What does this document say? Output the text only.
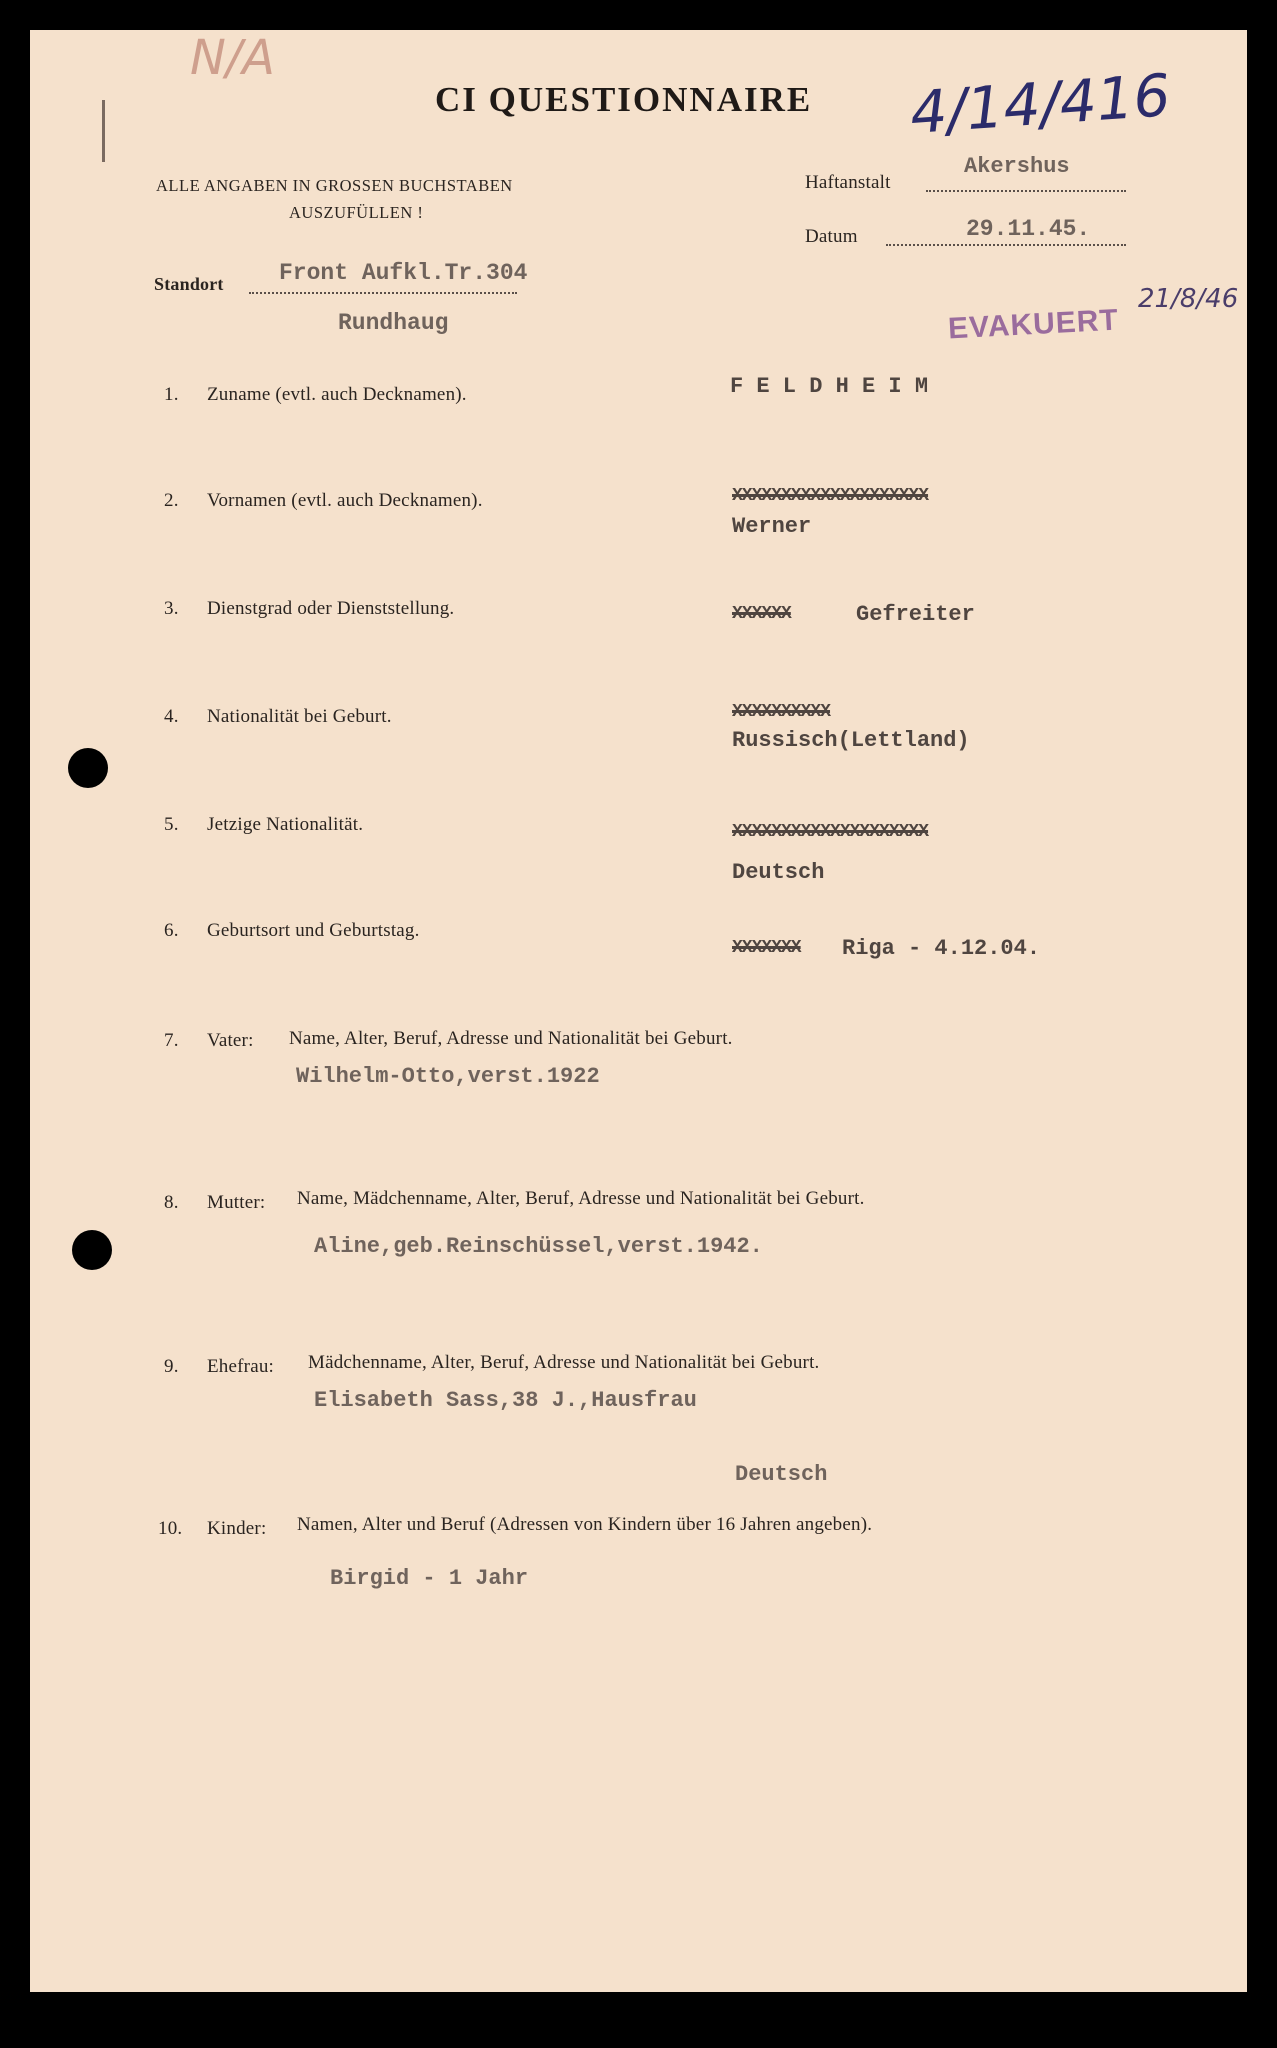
N/A
CI QUESTIONNAIRE 4/14/416
ALLE ANGABEN IN GROSSEN BUCHSTABEN
AUSZUFÜLLEN !
Haftanstalt
Akershus
Datum	29.11.45.
Standort Front Aufkl.Tr.304
Rundhaug	EVAKUERT
21/8/46
1. Zuname (evtl. auch Decknamen).	F E L D H E I M
2. Vornamen (evtl. auch Decknamen).	XXXXXXXXXXXXXXXXXXXX
Werner
3. Dienstgrad oder Dienststellung.	XXXXXX	Gefreiter
4. Nationalität bei Geburt.	XXXXXXXXXX
Russisch(Lettland)
5. Jetzige Nationalität.	XXXXXXXXXXXXXXXXXXXX
Deutsch
6. Geburtsort und Geburtstag.
XXXXXXX Riga - 4.12.04.
7. Vater: Name, Alter, Beruf, Adresse und Nationalität bei Geburt.
Wilhelm-Otto,verst.1922
8. Mutter: Name, Mädchenname, Alter, Beruf, Adresse und Nationalität bei Geburt.
Aline,geb.Reinschüssel,verst.1942.
9. Ehefrau: Mädchenname, Alter, Beruf, Adresse und Nationalität bei Geburt.
Elisabeth Sass,38 J.,Hausfrau
Deutsch
10. Kinder: Namen, Alter und Beruf (Adressen von Kindern über 16 Jahren angeben).
Birgid - 1 Jahr
